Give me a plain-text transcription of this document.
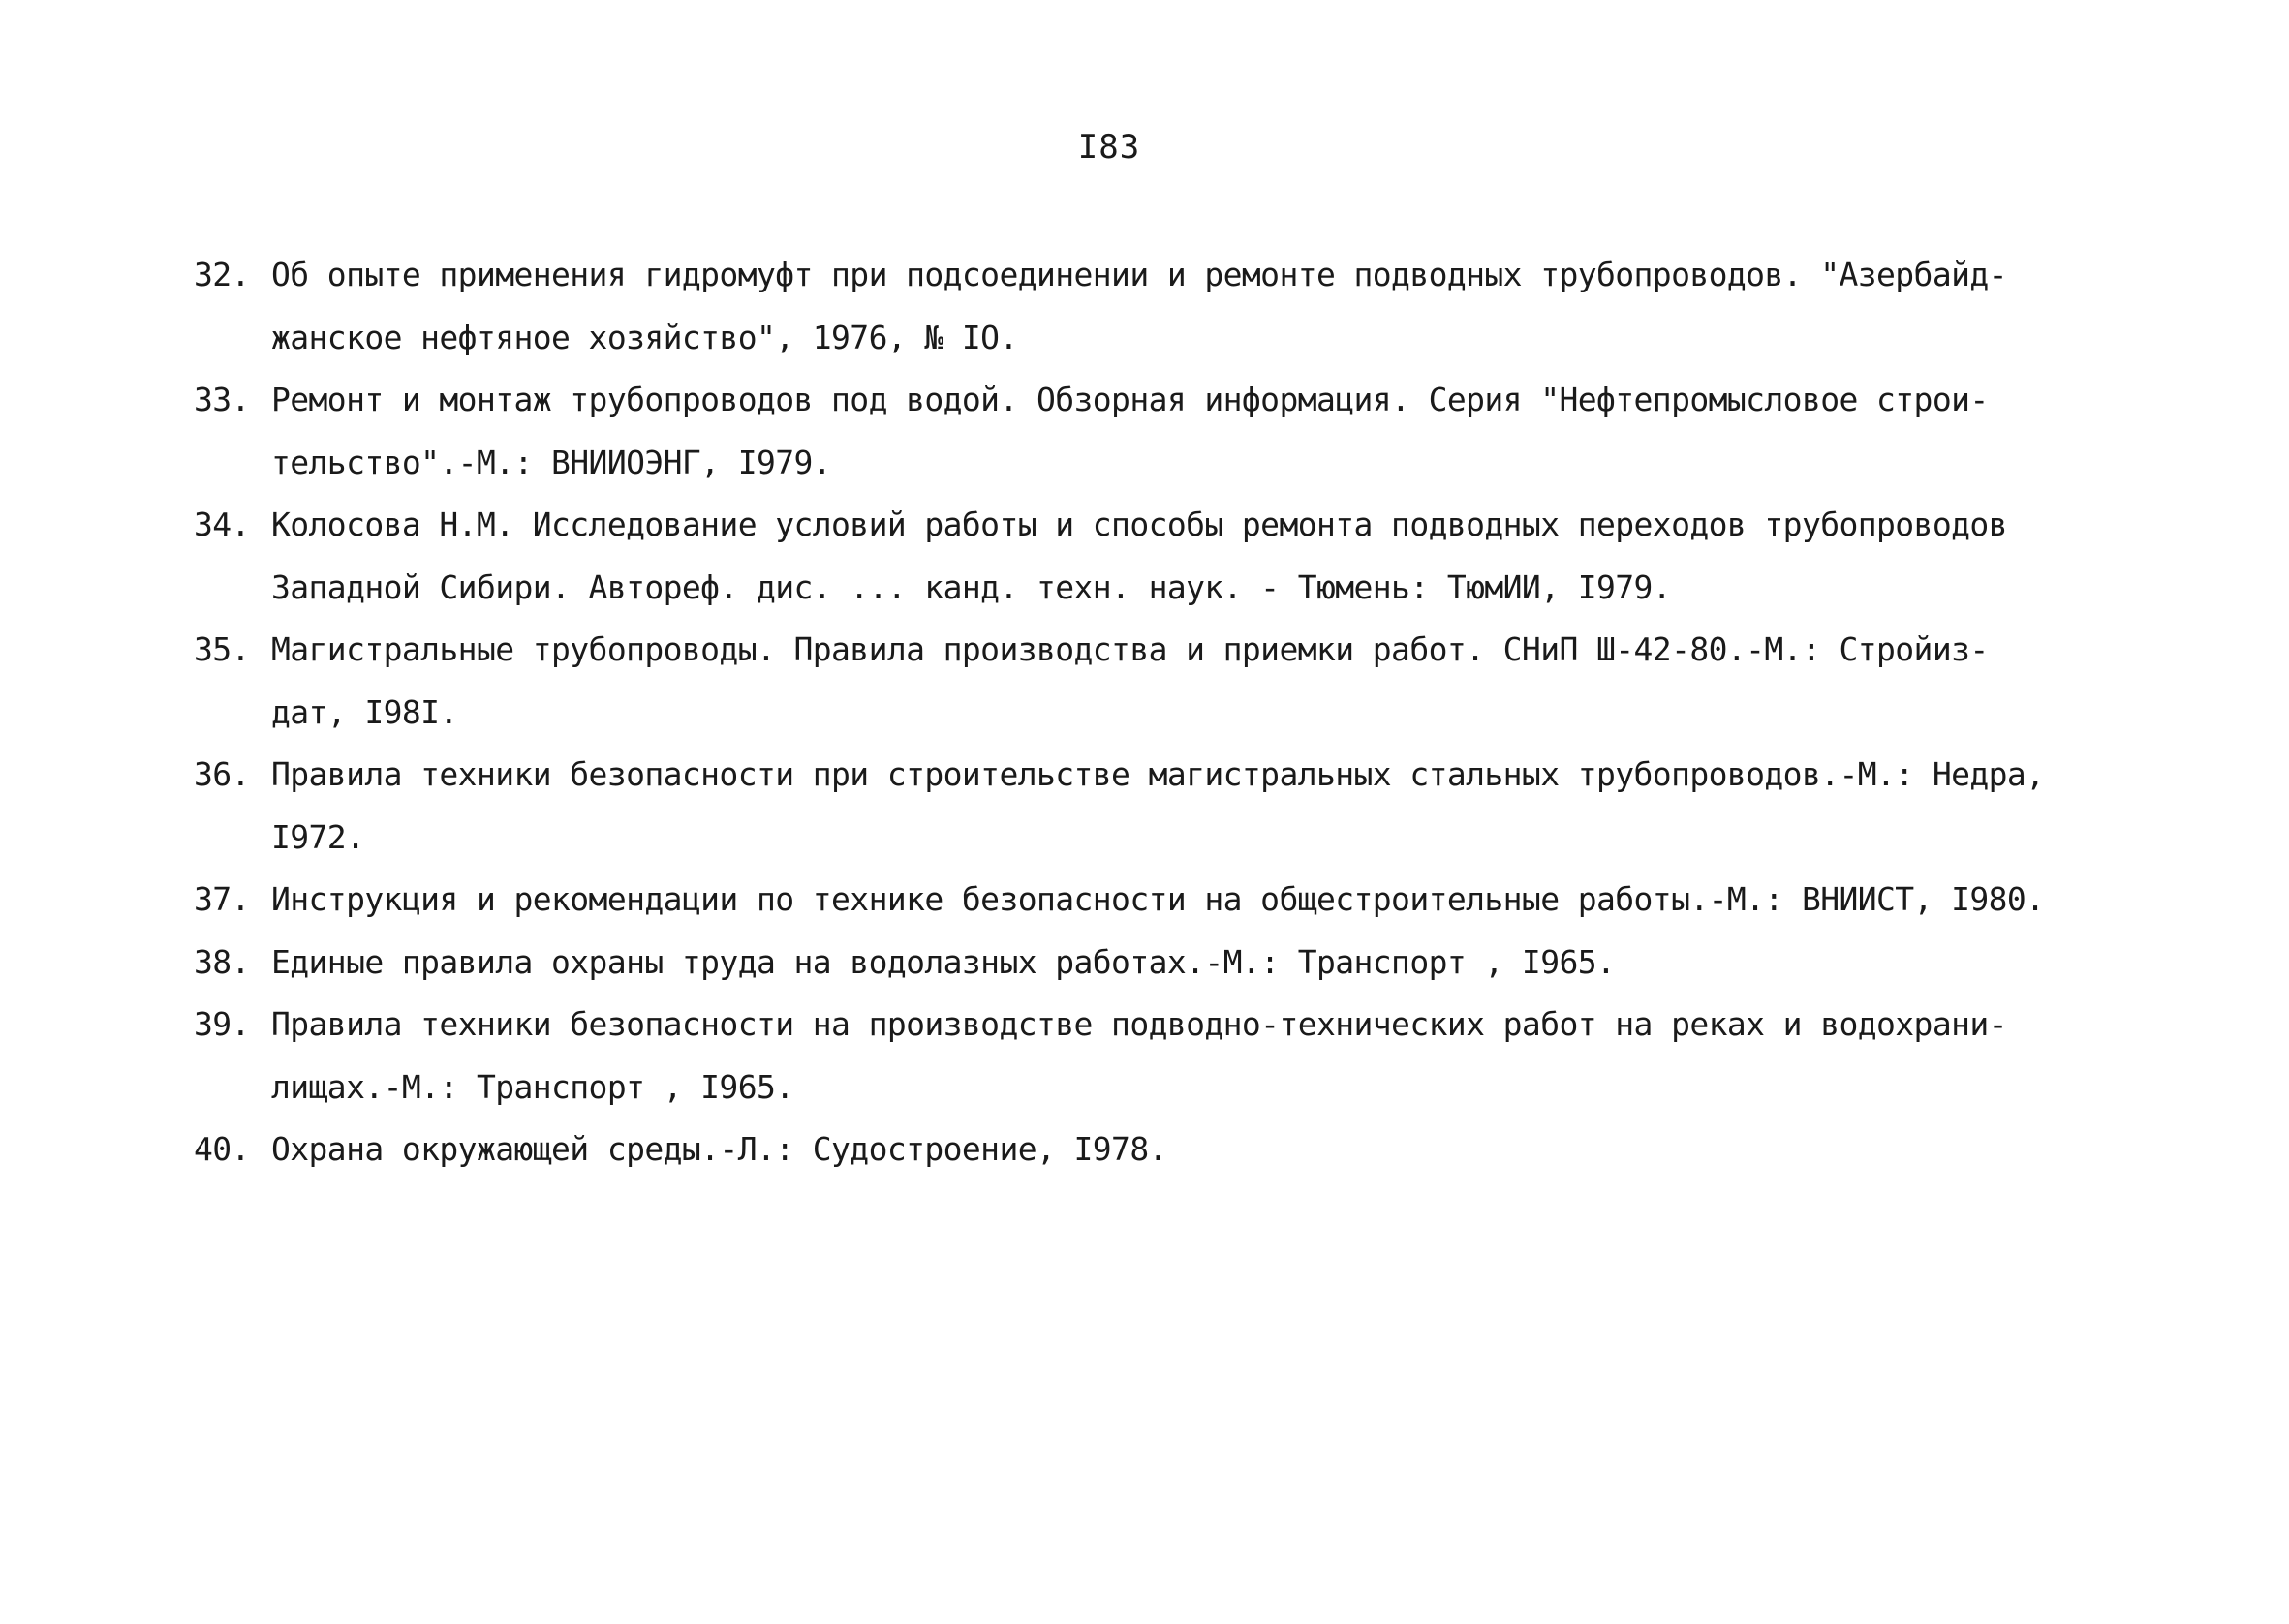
I83
32. Об опыте применения гидромуфт при подсоединении и ремонте подводных трубопроводов. "Азербайд-
жанское нефтяное хозяйство", 1976, № IO.
33. Ремонт и монтаж трубопроводов под водой. Обзорная информация. Серия "Нефтепромысловое строи-
тельство".-М.: ВНИИОЭНГ, I979.
34. Колосова Н.М. Исследование условий работы и способы ремонта подводных переходов трубопроводов
Западной Сибири. Автореф. дис. ... канд. техн. наук. - Тюмень: ТюмИИ, I979.
35. Магистральные трубопроводы. Правила производства и приемки работ. СНиП Ш-42-80.-М.: Стройиз-
дат, I98I.
36. Правила техники безопасности при строительстве магистральных стальных трубопроводов.-М.: Недра,
I972.
37. Инструкция и рекомендации по технике безопасности на общестроительные работы.-М.: ВНИИСТ, I980.
38. Единые правила охраны труда на водолазных работах.-М.: Транспорт , I965.
39. Правила техники безопасности на производстве подводно-технических работ на реках и водохрани-
лищах.-М.: Транспорт , I965.
40. Охрана окружающей среды.-Л.: Судостроение, I978.
